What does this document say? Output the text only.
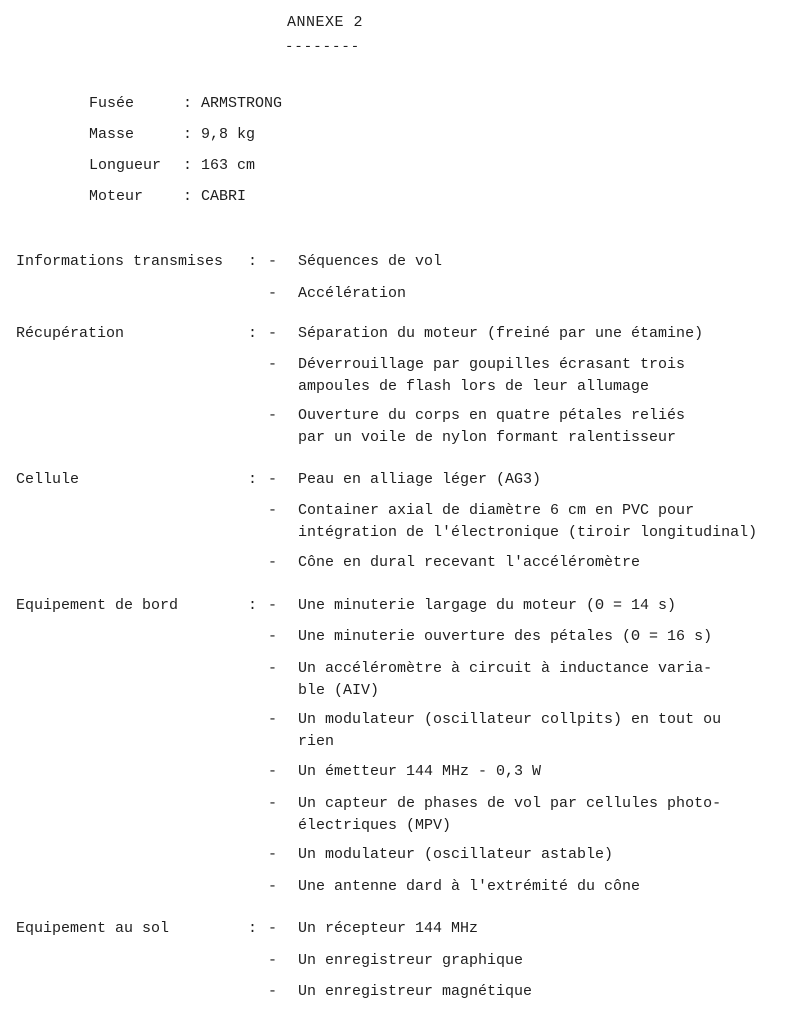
ANNEXE 2
--------
Fusée	: ARMSTRONG
Masse	: 9,8 kg
Longueur	: 163 cm
Moteur	: CABRI
Informations transmises : -	Séquences de vol
-	Accélération
Récupération	: -	Séparation du moteur (freiné par une étamine)
-	Déverrouillage par goupilles écrasant trois
ampoules de flash lors de leur allumage
-	Ouverture du corps en quatre pétales reliés
par un voile de nylon formant ralentisseur
Cellule	: -	Peau en alliage léger (AG3)
-	Container axial de diamètre 6 cm en PVC pour
intégration de l'électronique (tiroir longitudinal)
-	Cône en dural recevant l'accéléromètre
Equipement de bord	: -	Une minuterie largage du moteur (Θ = 14 s)
-	Une minuterie ouverture des pétales (Θ = 16 s)
-	Un accéléromètre à circuit à inductance varia-
ble (AIV)
-	Un modulateur (oscillateur collpits) en tout ou
rien
-	Un émetteur 144 MHz - 0,3 W
-	Un capteur de phases de vol par cellules photo-
électriques (MPV)
-	Un modulateur (oscillateur astable)
-	Une antenne dard à l'extrémité du cône
Equipement au sol	: -	Un récepteur 144 MHz
-	Un enregistreur graphique
-	Un enregistreur magnétique
